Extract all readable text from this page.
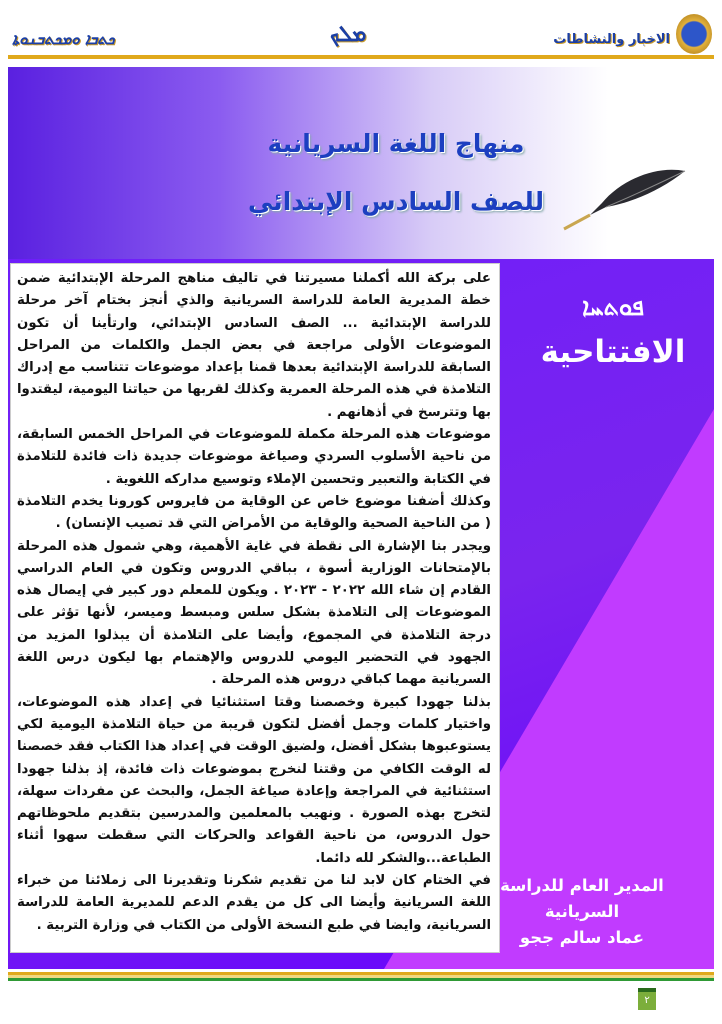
ܟܬܒܐ ܘܡܟܬܒܢܘܬܐ	ܡܠܟ	الاخبار والنشاطات
منهاج اللغة السريانية
للصف السادس الإبتدائي
ܦܘܬܚܐ
الافتتاحية

على بركة الله أكملنا مسيرتنا في تاليف مناهج المرحلة الإبتدائية ضمن خطة المديرية العامة للدراسة السريانية والذي أنجز بختام آخر مرحلة للدراسة الإبتدائية ... الصف السادس الإبتدائي، وارتأينا أن تكون الموضوعات الأولى مراجعة في بعض الجمل والكلمات من المراحل السابقة للدراسة الإبتدائية بعدها قمنا بإعداد موضوعات تتناسب مع إدراك التلامذة في هذه المرحلة العمرية وكذلك لقربها من حياتنا اليومية، ليقتدوا بها وتترسخ في أذهانهم .

موضوعات هذه المرحلة مكملة للموضوعات في المراحل الخمس السابقة، من ناحية الأسلوب السردي وصياغة موضوعات جديدة ذات فائدة للتلامذة في الكتابة والتعبير وتحسين الإملاء وتوسيع مداركه اللغوية .

وكذلك أضفنا موضوع خاص عن الوقاية من فايروس كورونا يخدم التلامذة ( من الناحية الصحية والوقاية من الأمراض التي قد تصيب الإنسان) .

ويجدر بنا الإشارة الى نقطة في غاية الأهمية، وهي شمول هذه المرحلة بالإمتحانات الوزارية أسوة ، بباقي الدروس وتكون في العام الدراسي القادم إن شاء الله ٢٠٢٢ - ٢٠٢٣ . ويكون للمعلم دور كبير في إيصال هذه الموضوعات إلى التلامذة بشكل سلس ومبسط وميسر، لأنها تؤثر على درجة التلامذة في المجموع، وأيضا على التلامذة أن يبذلوا المزيد من الجهود في التحضير اليومي للدروس والإهتمام بها ليكون درس اللغة السريانية مهما كباقي دروس هذه المرحلة .

بذلنا جهودا كبيرة وخصصنا وقتا استثنائيا في إعداد هذه الموضوعات، واختيار كلمات وجمل أفضل لتكون قريبة من حياة التلامذة اليومية لكي يستوعبوها بشكل أفضل، ولضيق الوقت في إعداد هذا الكتاب فقد خصصنا له الوقت الكافي من وقتنا لنخرج بموضوعات ذات فائدة، إذ بذلنا جهودا استثنائية في المراجعة وإعادة صياغة الجمل، والبحث عن مفردات سهلة، لتخرج بهذه الصورة . ونهيب بالمعلمين والمدرسين بتقديم ملحوظاتهم حول الدروس، من ناحية القواعد والحركات التي سقطت سهوا أثناء الطباعة...والشكر لله دائما.

في الختام كان لابد لنا من تقديم شكرنا وتقديرنا الى زملائنا من خبراء اللغة السريانية وأيضا الى كل من يقدم الدعم للمديرية العامة للدراسة السريانية، وايضا في طبع النسخة الأولى من الكتاب في وزارة التربية .

المدير العام للدراسة السريانية
عماد سالم ججو
٢
